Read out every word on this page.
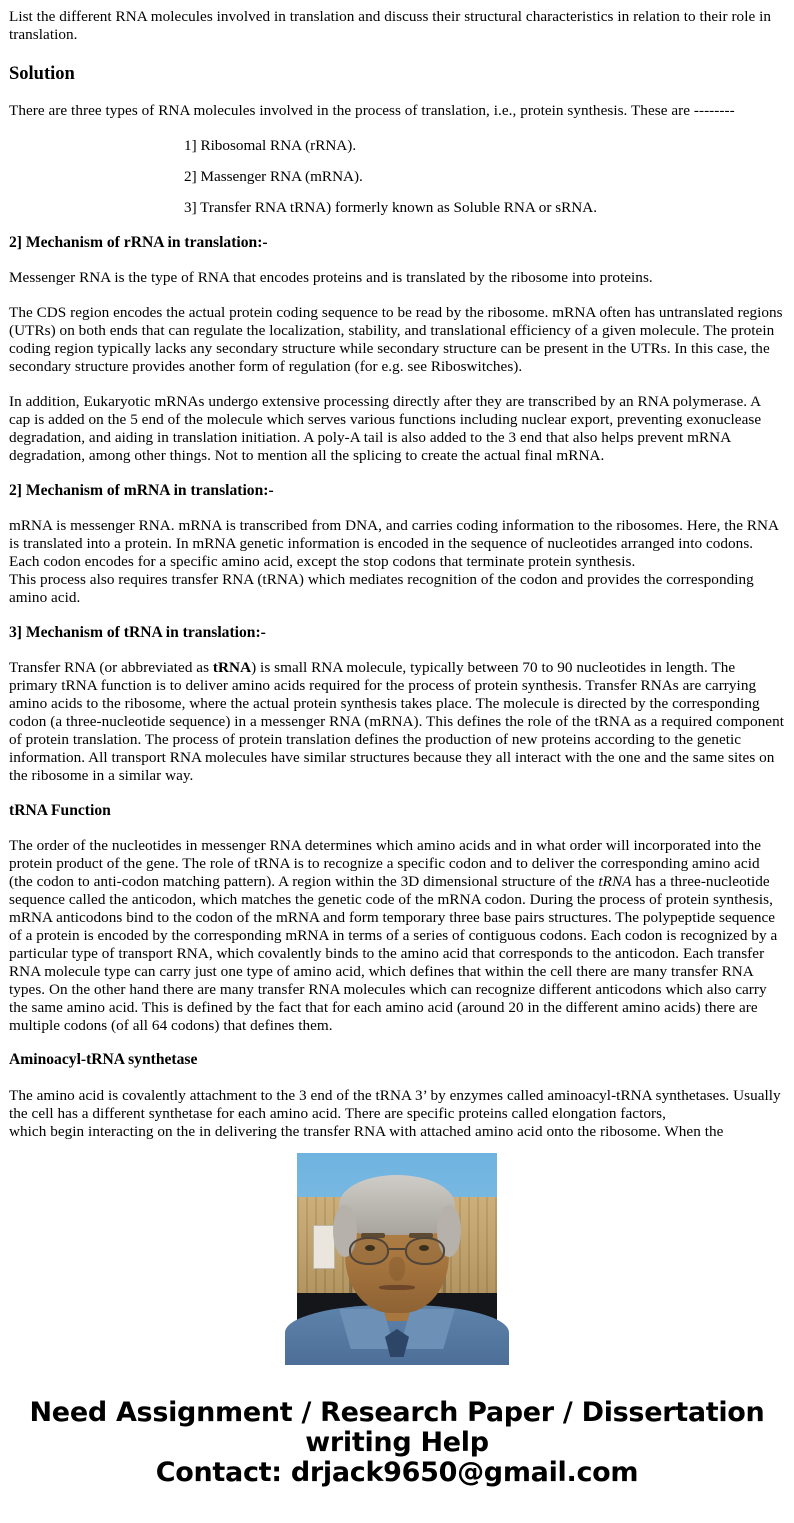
List the different RNA molecules involved in translation and discuss their structural characteristics in relation to their role in translation.

Solution

There are three types of RNA molecules involved in the process of translation, i.e., protein synthesis. These are --------

1] Ribosomal RNA (rRNA).

2] Massenger RNA (mRNA).

3] Transfer RNA tRNA) formerly known as Soluble RNA or sRNA.

2] Mechanism of rRNA in translation:-

Messenger RNA is the type of RNA that encodes proteins and is translated by the ribosome into proteins.

The CDS region encodes the actual protein coding sequence to be read by the ribosome. mRNA often has untranslated regions (UTRs) on both ends that can regulate the localization, stability, and translational efficiency of a given molecule. The protein coding region typically lacks any secondary structure while secondary structure can be present in the UTRs. In this case, the secondary structure provides another form of regulation (for e.g. see Riboswitches).

In addition, Eukaryotic mRNAs undergo extensive processing directly after they are transcribed by an RNA polymerase. A cap is added on the 5 end of the molecule which serves various functions including nuclear export, preventing exonuclease degradation, and aiding in translation initiation. A poly-A tail is also added to the 3 end that also helps prevent mRNA degradation, among other things. Not to mention all the splicing to create the actual final mRNA.

2] Mechanism of mRNA in translation:-

mRNA is messenger RNA. mRNA is transcribed from DNA, and carries coding information to the ribosomes. Here, the RNA is translated into a protein. In mRNA genetic information is encoded in the sequence of nucleotides arranged into codons. Each codon encodes for a specific amino acid, except the stop codons that terminate protein synthesis.

This process also requires transfer RNA (tRNA) which mediates recognition of the codon and provides the corresponding amino acid.

3] Mechanism of tRNA in translation:-

Transfer RNA (or abbreviated as tRNA) is small RNA molecule, typically between 70 to 90 nucleotides in length. The primary tRNA function is to deliver amino acids required for the process of protein synthesis. Transfer RNAs are carrying amino acids to the ribosome, where the actual protein synthesis takes place. The molecule is directed by the corresponding codon (a three-nucleotide sequence) in a messenger RNA (mRNA). This defines the role of the tRNA as a required component of protein translation. The process of protein translation defines the production of new proteins according to the genetic information. All transport RNA molecules have similar structures because they all interact with the one and the same sites on the ribosome in a similar way.

tRNA Function

The order of the nucleotides in messenger RNA determines which amino acids and in what order will incorporated into the protein product of the gene. The role of tRNA is to recognize a specific codon and to deliver the corresponding amino acid (the codon to anti-codon matching pattern). A region within the 3D dimensional structure of the tRNA has a three-nucleotide sequence called the anticodon, which matches the genetic code of the mRNA codon. During the process of protein synthesis, mRNA anticodons bind to the codon of the mRNA and form temporary three base pairs structures. The polypeptide sequence of a protein is encoded by the corresponding mRNA in terms of a series of contiguous codons. Each codon is recognized by a particular type of transport RNA, which covalently binds to the amino acid that corresponds to the anticodon. Each transfer RNA molecule type can carry just one type of amino acid, which defines that within the cell there are many transfer RNA types. On the other hand there are many transfer RNA molecules which can recognize different anticodons which also carry the same amino acid. This is defined by the fact that for each amino acid (around 20 in the different amino acids) there are multiple codons (of all 64 codons) that defines them.

Aminoacyl-tRNA synthetase

The amino acid is covalently attachment to the 3 end of the tRNA 3’ by enzymes called aminoacyl-tRNA synthetases. Usually the cell has a different synthetase for each amino acid. There are specific proteins called elongation factors,

which begin interacting on the in delivering the transfer RNA with attached amino acid onto the ribosome. When the

Need Assignment / Research Paper / Dissertation
writing Help
Contact: drjack9650@gmail.com
